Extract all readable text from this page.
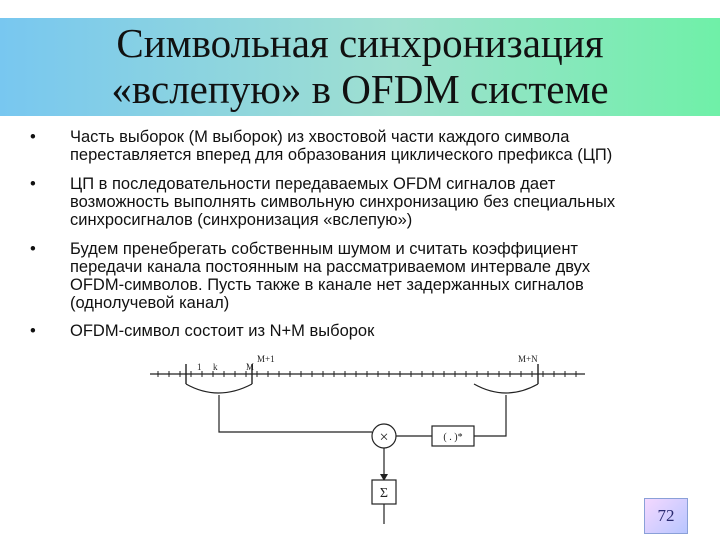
Символьная синхронизация
«вслепую» в OFDM системе
•	Часть выборок (M выборок) из хвостовой части каждого символа
переставляется вперед для образования циклического префикса (ЦП)
•	ЦП в последовательности передаваемых OFDM сигналов дает
возможность выполнять символьную синхронизацию без специальных
синхросигналов (синхронизация «вслепую»)
•	Будем пренебрегать собственным шумом и считать коэффициент
передачи канала постоянным на рассматриваемом интервале двух
OFDM-символов. Пусть также в канале нет задержанных сигналов
(однолучевой канал)
•	OFDM-символ состоит из N+M выборок
1 k	M
M+1	M+N
×	( . )*
Σ
72
